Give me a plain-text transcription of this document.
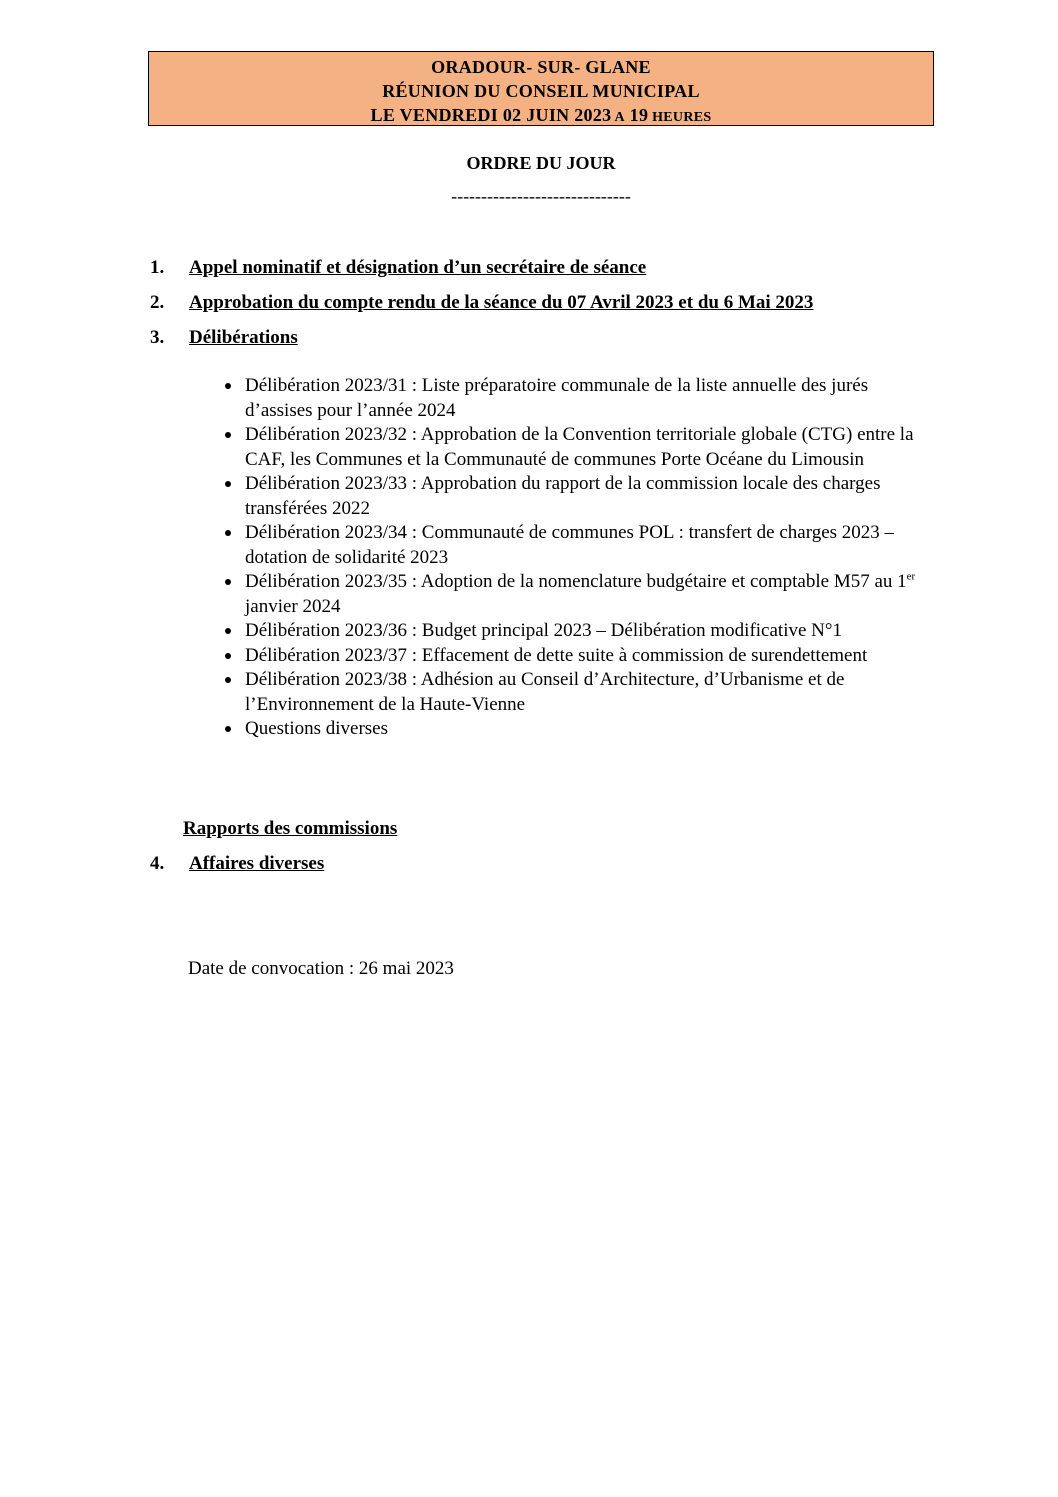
ORADOUR- SUR- GLANE
RÉUNION DU CONSEIL MUNICIPAL
LE VENDREDI 02 JUIN 2023 A 19 HEURES
ORDRE DU JOUR
------------------------------
1. Appel nominatif et désignation d’un secrétaire de séance
2. Approbation du compte rendu de la séance du 07 Avril 2023 et du 6 Mai 2023
3. Délibérations
Délibération 2023/31 : Liste préparatoire communale de la liste annuelle des jurés d’assises pour l’année 2024
Délibération 2023/32 : Approbation de la Convention territoriale globale (CTG) entre la CAF, les Communes et la Communauté de communes Porte Océane du Limousin
Délibération 2023/33 : Approbation du rapport de la commission locale des charges transférées 2022
Délibération 2023/34 : Communauté de communes POL : transfert de charges 2023 – dotation de solidarité 2023
Délibération 2023/35 : Adoption de la nomenclature budgétaire et comptable M57 au 1er janvier 2024
Délibération 2023/36 : Budget principal 2023 – Délibération modificative N°1
Délibération 2023/37 : Effacement de dette suite à commission de surendettement
Délibération 2023/38 : Adhésion au Conseil d’Architecture, d’Urbanisme et de l’Environnement de la Haute-Vienne
Questions diverses
Rapports des commissions
4. Affaires diverses
Date de convocation : 26 mai 2023
